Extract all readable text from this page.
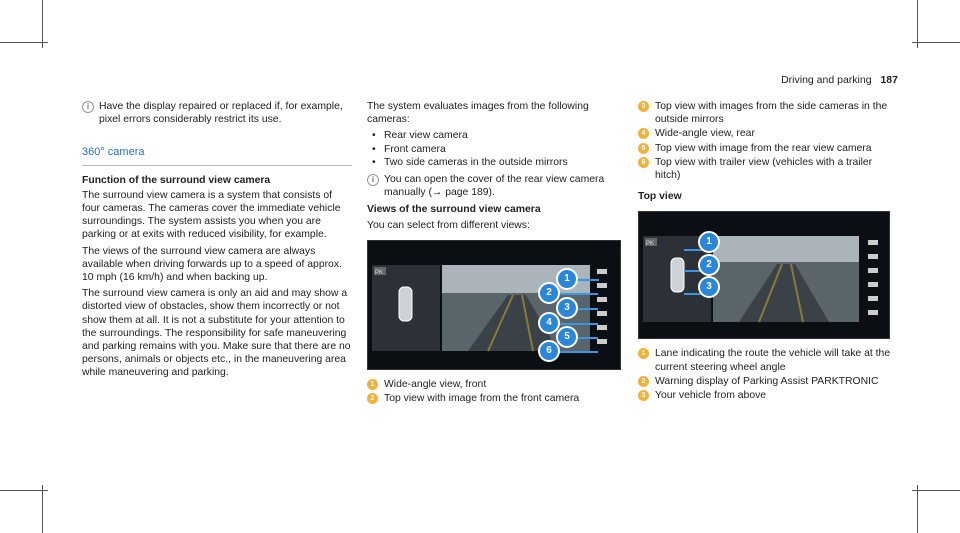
Driving and parking 187

i Have the display repaired or replaced if, for example, pixel errors considerably restrict its use.

360° camera
Function of the surround view camera

The surround view camera is a system that consists of four cameras. The cameras cover the immediate vehicle surroundings. The system assists you when you are parking or at exits with reduced visibility, for example.

The views of the surround view camera are always available when driving forwards up to a speed of approx. 10 mph (16 km/h) and when backing up.

The surround view camera is only an aid and may show a distorted view of obstacles, show them incorrectly or not show them at all. It is not a substitute for your attention to the surroundings. The responsibility for safe maneuvering and parking remains with you. Make sure that there are no persons, animals or objects etc., in the maneuvering area while maneuvering and parking.

The system evaluates images from the following cameras:

• Rear view camera
• Front camera
• Two side cameras in the outside mirrors

i You can open the cover of the rear view camera manually (→ page 189).

Views of the surround view camera

You can select from different views:

PK	1
2
3
4
5
6
1 Wide-angle view, front
2 Top view with image from the front camera
3 Top view with images from the side cameras in the outside mirrors
4 Wide-angle view, rear
5 Top view with image from the rear view camera
6 Top view with trailer view (vehicles with a trailer hitch)
Top view
PK	1
2
3
1 Lane indicating the route the vehicle will take at the current steering wheel angle
2 Warning display of Parking Assist PARKTRONIC
3 Your vehicle from above
